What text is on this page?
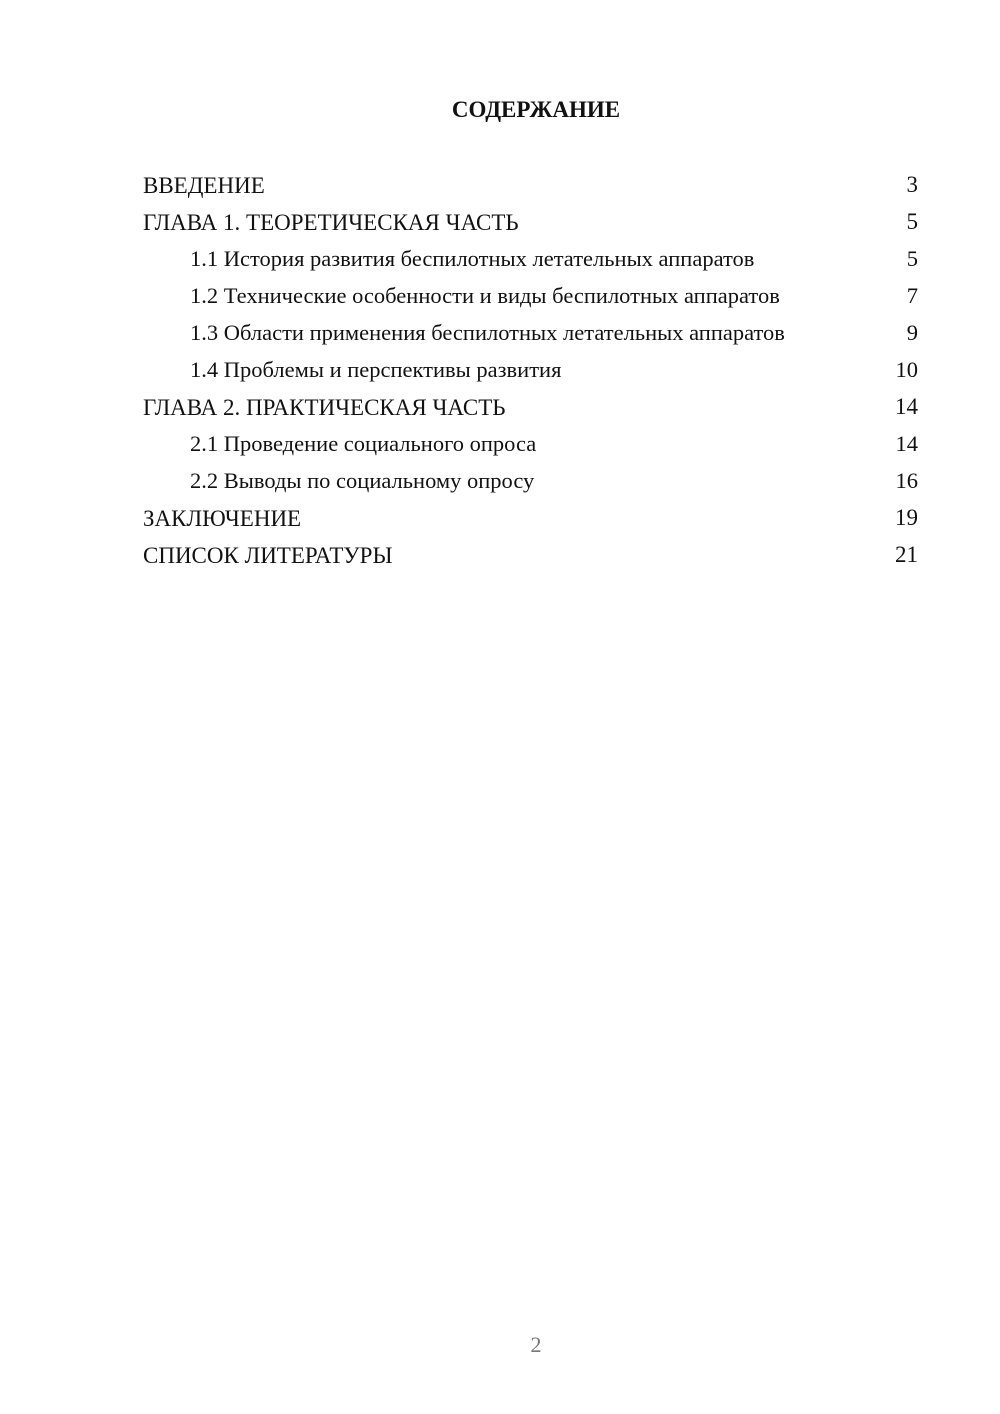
СОДЕРЖАНИЕ
ВВЕДЕНИЕ	3
ГЛАВА 1. ТЕОРЕТИЧЕСКАЯ ЧАСТЬ	5
1.1 История развития беспилотных летательных аппаратов	5
1.2 Технические особенности и виды беспилотных аппаратов	7
1.3 Области применения беспилотных летательных аппаратов	9
1.4 Проблемы и перспективы развития	10
ГЛАВА 2. ПРАКТИЧЕСКАЯ ЧАСТЬ	14
2.1 Проведение социального опроса	14
2.2 Выводы по социальному опросу	16
ЗАКЛЮЧЕНИЕ	19
СПИСОК ЛИТЕРАТУРЫ	21
2
